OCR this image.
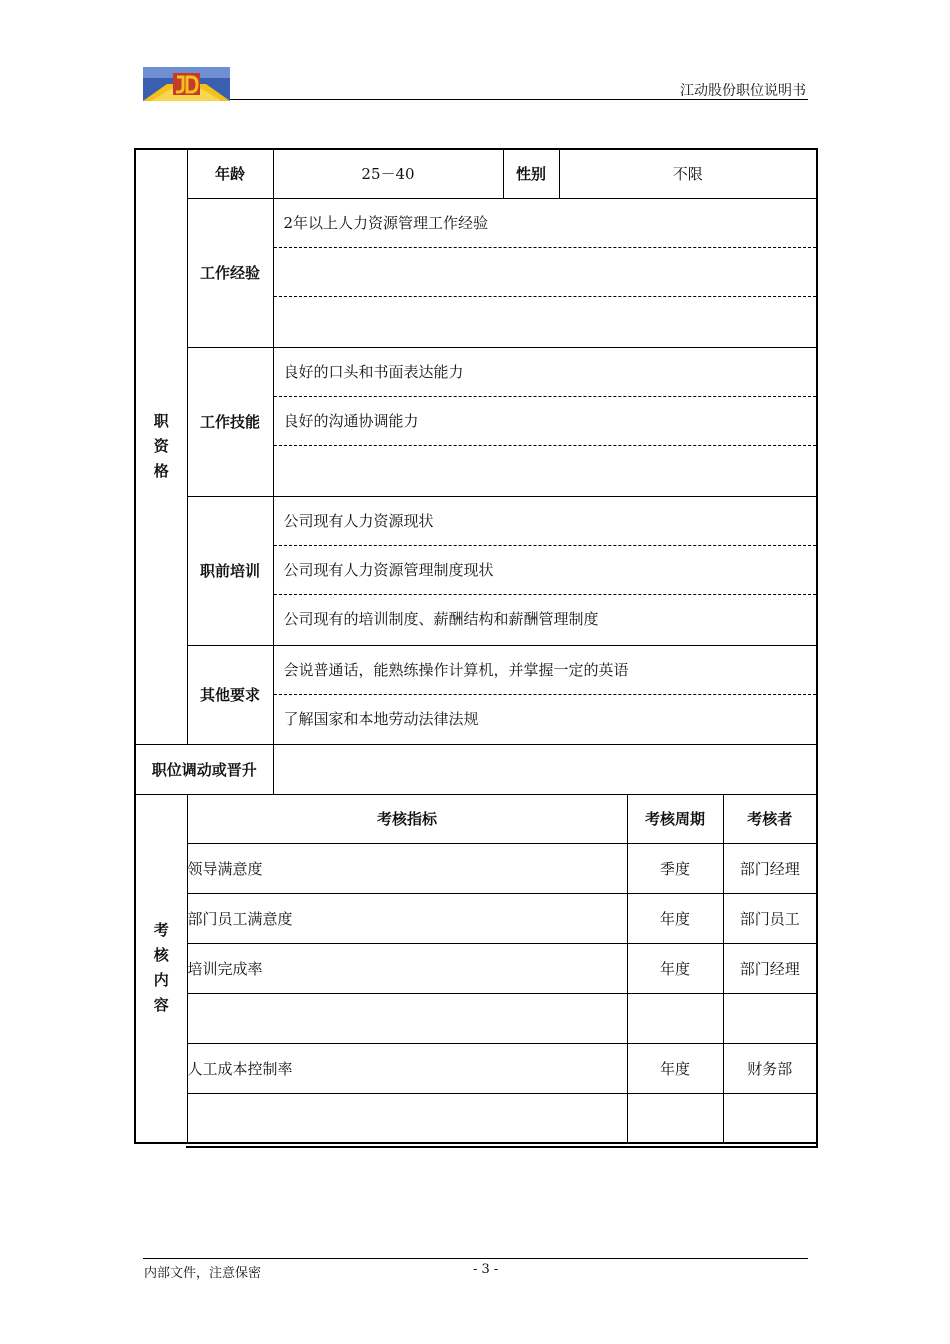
江动股份职位说明书
职
资
格	年龄	25－40	性别	不限		
	工作经验	2年以上人力资源管理工作经验				

	工作技能	良好的口头和书面表达能力
良好的沟通协调能力				

	职前培训	公司现有人力资源现状
公司现有人力资源管理制度现状
公司现有的培训制度、薪酬结构和薪酬管理制度				

	其他要求	会说普通话，能熟练操作计算机，并掌握一定的英语
了解国家和本地劳动法律法规				

职位调动或晋升						

考
核
内
容	考核指标				考核周期	考核者
	领导满意度				季度	部门经理
	部门员工满意度				年度	部门员工
	培训完成率				年度	部门经理

	人工成本控制率				年度	财务部

内部文件，注意保密	- 3 -
